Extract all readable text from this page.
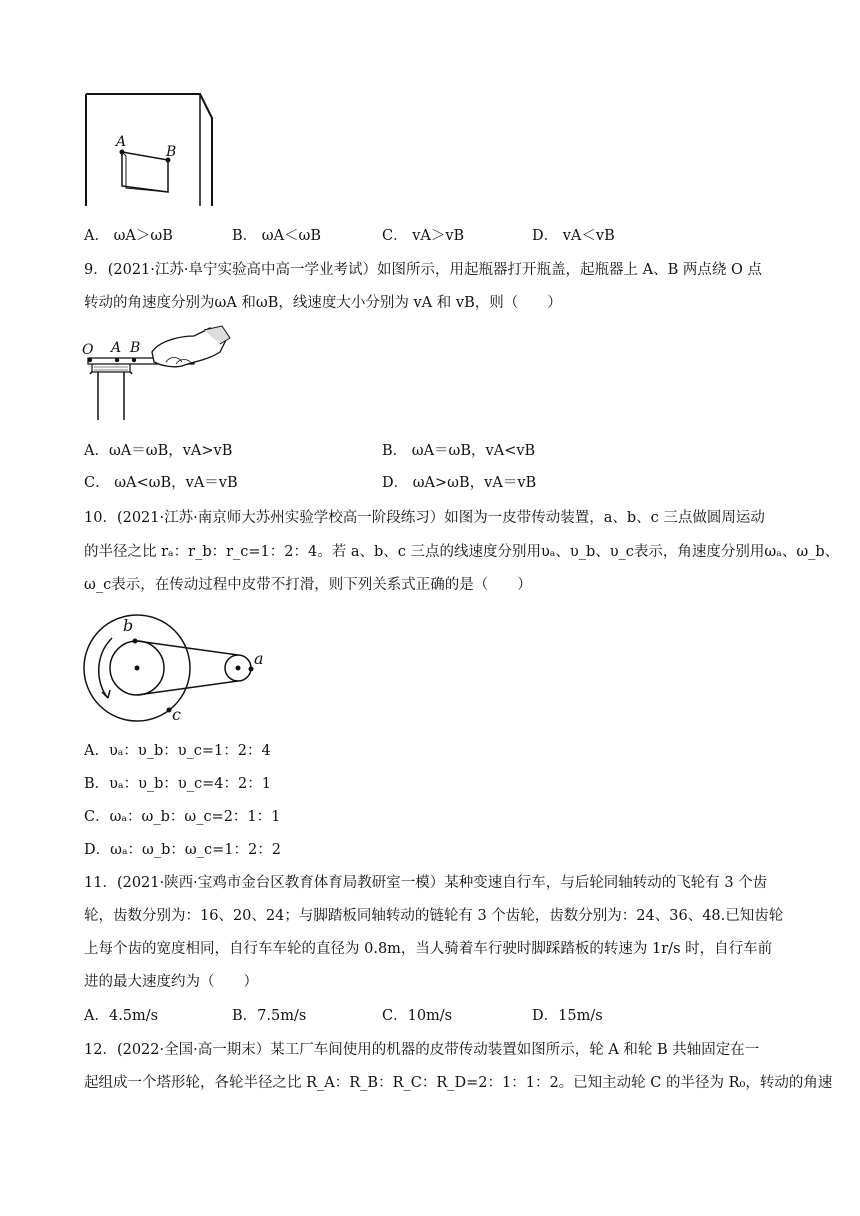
A
B
A． ωA＞ωB	B． ωA＜ωB	C． vA＞vB	D． vA＜vB
9．(2021·江苏·阜宁实验高中高一学业考试）如图所示，用起瓶器打开瓶盖，起瓶器上 A、B 两点绕 O 点
转动的角速度分别为ωA 和ωB，线速度大小分别为 vA 和 vB，则（　　）
O A B
A．ωA＝ωB，vA>vB	B． ωA＝ωB，vA<vB
C． ωA<ωB，vA＝vB	D． ωA>ωB，vA＝vB
10．(2021·江苏·南京师大苏州实验学校高一阶段练习）如图为一皮带传动装置，a、b、c 三点做圆周运动
的半径之比 rₐ：r_b：r_c=1：2：4。若 a、b、c 三点的线速度分别用υₐ、υ_b、υ_c表示，角速度分别用ωₐ、ω_b、
ω_c表示，在传动过程中皮带不打滑，则下列关系式正确的是（　　）
b
a
c
A．υₐ：υ_b：υ_c=1：2：4
B．υₐ：υ_b：υ_c=4：2：1
C．ωₐ：ω_b：ω_c=2：1：1
D．ωₐ：ω_b：ω_c=1：2：2
11．(2021·陕西·宝鸡市金台区教育体育局教研室一模）某种变速自行车，与后轮同轴转动的飞轮有 3 个齿
轮，齿数分别为：16、20、24；与脚踏板同轴转动的链轮有 3 个齿轮，齿数分别为：24、36、48.已知齿轮
上每个齿的宽度相同，自行车车轮的直径为 0.8m，当人骑着车行驶时脚踩踏板的转速为 1r/s 时，自行车前
进的最大速度约为（　　）
A．4.5m/s	B．7.5m/s	C．10m/s	D．15m/s
12．(2022·全国·高一期末）某工厂车间使用的机器的皮带传动装置如图所示，轮 A 和轮 B 共轴固定在一
起组成一个塔形轮，各轮半径之比 R_A：R_B：R_C：R_D=2：1：1：2。已知主动轮 C 的半径为 R₀，转动的角速
